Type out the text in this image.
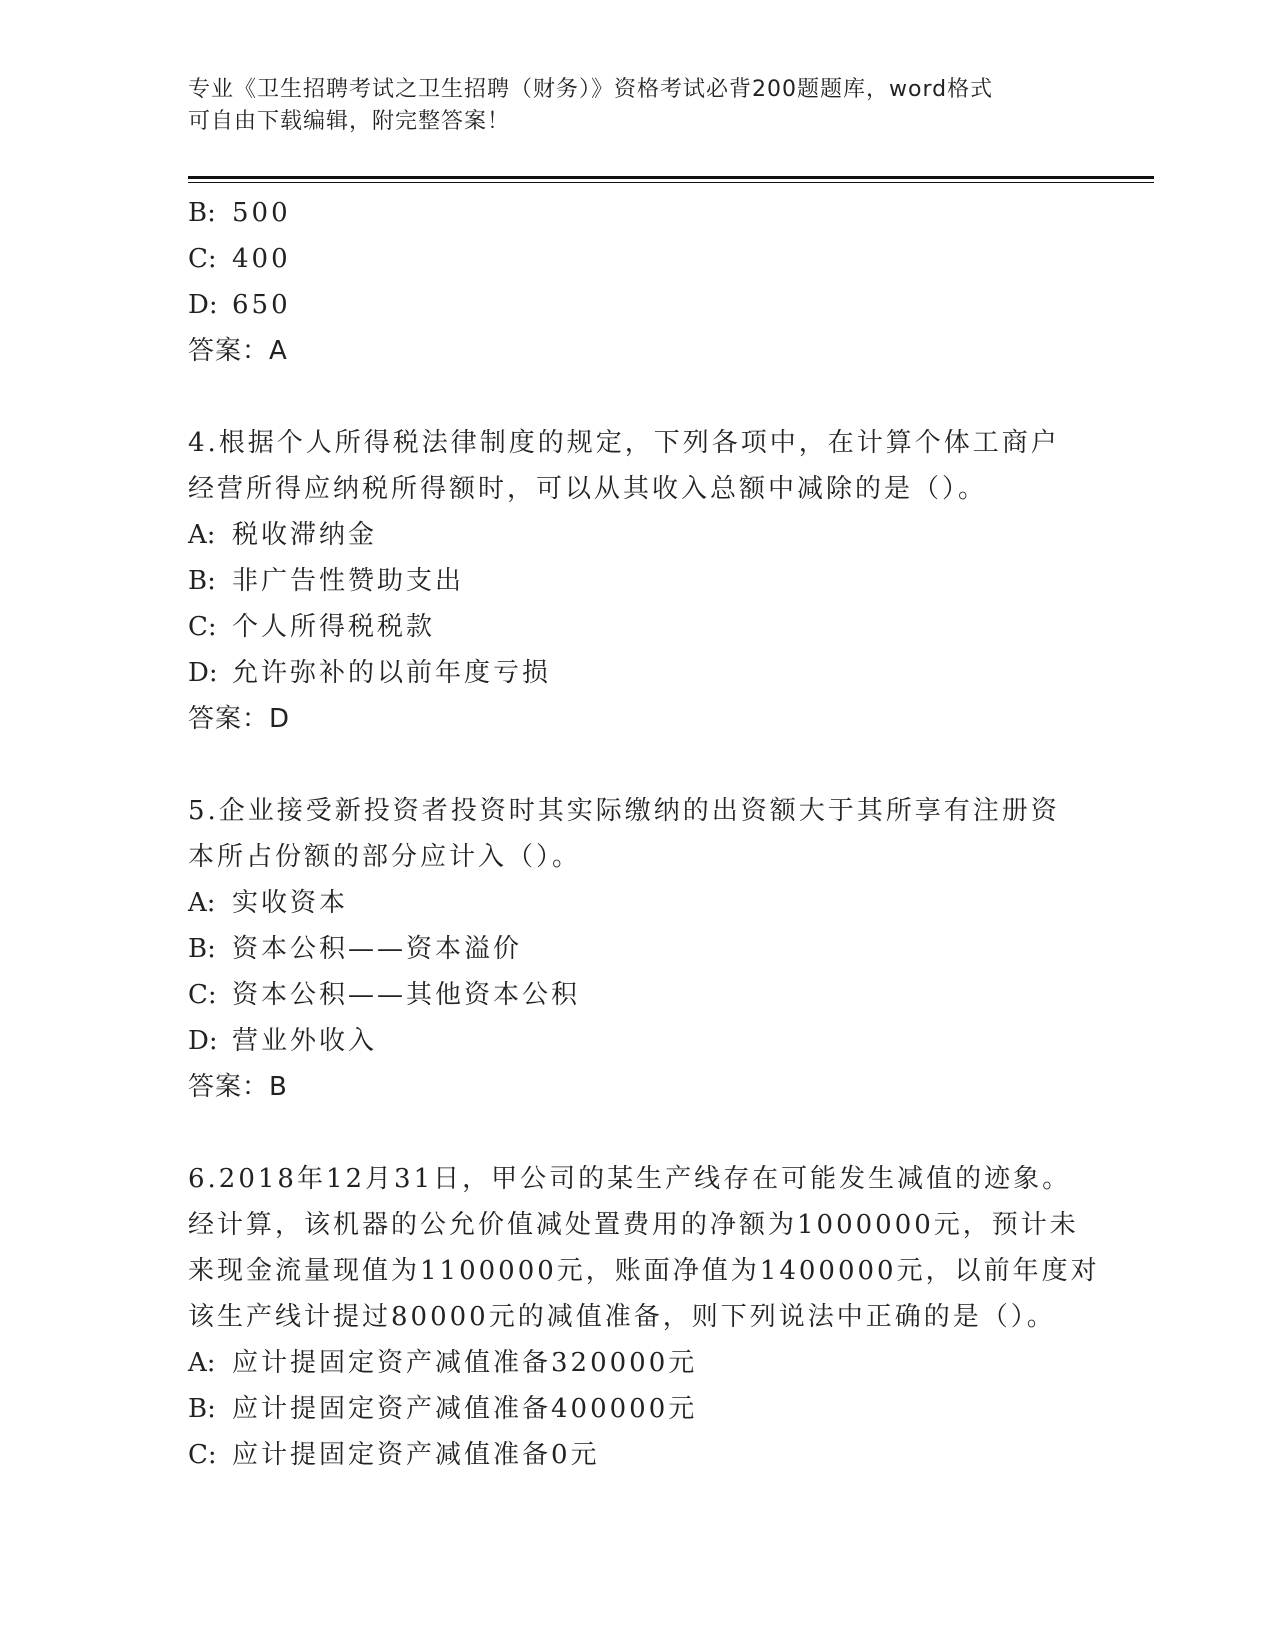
专业《卫生招聘考试之卫生招聘（财务）》资格考试必背200题题库，word格式
可自由下载编辑，附完整答案！
B: 500
C: 400
D: 650
答案：A
4.根据个人所得税法律制度的规定，下列各项中，在计算个体工商户
经营所得应纳税所得额时，可以从其收入总额中减除的是（）。
A: 税收滞纳金
B: 非广告性赞助支出
C: 个人所得税税款
D: 允许弥补的以前年度亏损
答案：D
5.企业接受新投资者投资时其实际缴纳的出资额大于其所享有注册资
本所占份额的部分应计入（）。
A: 实收资本
B: 资本公积——资本溢价
C: 资本公积——其他资本公积
D: 营业外收入
答案：B
6.2018年12月31日，甲公司的某生产线存在可能发生减值的迹象。
经计算，该机器的公允价值减处置费用的净额为1000000元，预计未
来现金流量现值为1100000元，账面净值为1400000元，以前年度对
该生产线计提过80000元的减值准备，则下列说法中正确的是（）。
A: 应计提固定资产减值准备320000元
B: 应计提固定资产减值准备400000元
C: 应计提固定资产减值准备0元
